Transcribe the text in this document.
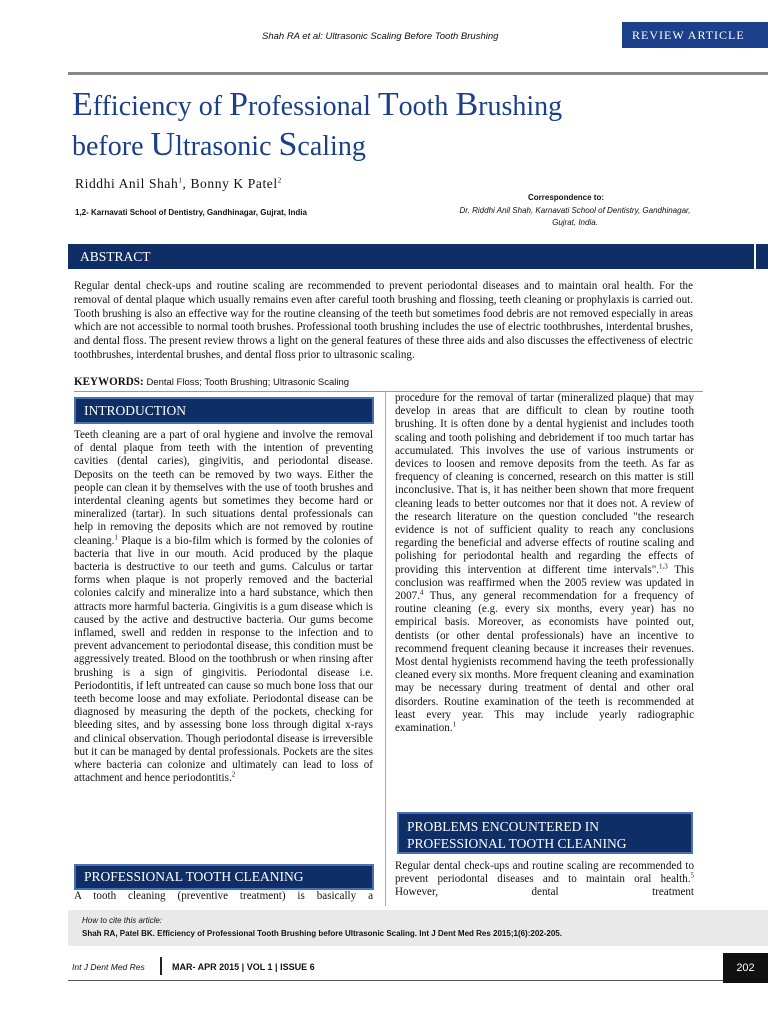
Shah RA et al: Ultrasonic Scaling Before Tooth Brushing	REVIEW ARTICLE
Efficiency of Professional Tooth Brushing
before Ultrasonic Scaling
Riddhi Anil Shah$^1$, Bonny K Patel$^2$
1,2- Karnavati School of Dentistry, Gandhinagar, Gujrat, India
Correspondence to:
Dr. Riddhi Anil Shah, Karnavati School of Dentistry, Gandhinagar,
Gujrat, India.
ABSTRACT
Regular dental check-ups and routine scaling are recommended to prevent periodontal diseases and to maintain oral health. For the removal of dental plaque which usually remains even after careful tooth brushing and flossing, teeth cleaning or prophylaxis is carried out. Tooth brushing is also an effective way for the routine cleansing of the teeth but sometimes food debris are not removed especially in areas which are not accessible to normal tooth brushes. Professional tooth brushing includes the use of electric toothbrushes, interdental brushes, and dental floss. The present review throws a light on the general features of these three aids and also discusses the effectiveness of electric toothbrushes, interdental brushes, and dental floss prior to ultrasonic scaling.
KEYWORDS: Dental Floss; Tooth Brushing; Ultrasonic Scaling
INTRODUCTION
Teeth cleaning are a part of oral hygiene and involve the removal of dental plaque from teeth with the intention of preventing cavities (dental caries), gingivitis, and periodontal disease. Deposits on the teeth can be removed by two ways. Either the people can clean it by themselves with the use of tooth brushes and interdental cleaning agents but sometimes they become hard or mineralized (tartar). In such situations dental professionals can help in removing the deposits which are not removed by routine cleaning.$^1$ Plaque is a bio-film which is formed by the colonies of bacteria that live in our mouth. Acid produced by the plaque bacteria is destructive to our teeth and gums. Calculus or tartar forms when plaque is not properly removed and the bacterial colonies calcify and mineralize into a hard substance, which then attracts more harmful bacteria. Gingivitis is a gum disease which is caused by the active and destructive bacteria. Our gums become inflamed, swell and redden in response to the infection and to prevent advancement to periodontal disease, this condition must be aggressively treated. Blood on the toothbrush or when rinsing after brushing is a sign of gingivitis. Periodontal disease i.e. Periodontitis, if left untreated can cause so much bone loss that our teeth become loose and may exfoliate. Periodontal disease can be diagnosed by measuring the depth of the pockets, checking for bleeding sites, and by assessing bone loss through digital x-rays and clinical observation. Though periodontal disease is irreversible but it can be managed by dental professionals. Pockets are the sites where bacteria can colonize and ultimately can lead to loss of attachment and hence periodontitis.$^2$
PROFESSIONAL TOOTH CLEANING
A tooth cleaning (preventive treatment) is basically a
procedure for the removal of tartar (mineralized plaque) that may develop in areas that are difficult to clean by routine tooth brushing. It is often done by a dental hygienist and includes tooth scaling and tooth polishing and debridement if too much tartar has accumulated. This involves the use of various instruments or devices to loosen and remove deposits from the teeth. As far as frequency of cleaning is concerned, research on this matter is still inconclusive. That is, it has neither been shown that more frequent cleaning leads to better outcomes nor that it does not. A review of the research literature on the question concluded "the research evidence is not of sufficient quality to reach any conclusions regarding the beneficial and adverse effects of routine scaling and polishing for periodontal health and regarding the effects of providing this intervention at different time intervals".$^{1,3}$ This conclusion was reaffirmed when the 2005 review was updated in 2007.$^4$ Thus, any general recommendation for a frequency of routine cleaning (e.g. every six months, every year) has no empirical basis. Moreover, as economists have pointed out, dentists (or other dental professionals) have an incentive to recommend frequent cleaning because it increases their revenues. Most dental hygienists recommend having the teeth professionally cleaned every six months. More frequent cleaning and examination may be necessary during treatment of dental and other oral disorders. Routine examination of the teeth is recommended at least every year. This may include yearly radiographic examination.$^1$
PROBLEMS ENCOUNTERED IN
PROFESSIONAL TOOTH CLEANING
Regular dental check-ups and routine scaling are recommended to prevent periodontal diseases and to maintain oral health.$^5$ However, dental treatment
How to cite this article:
Shah RA, Patel BK. Efficiency of Professional Tooth Brushing before Ultrasonic Scaling. Int J Dent Med Res 2015;1(6):202-205.
Int J Dent Med Res	MAR- APR 2015 | VOL 1 | ISSUE 6	202
